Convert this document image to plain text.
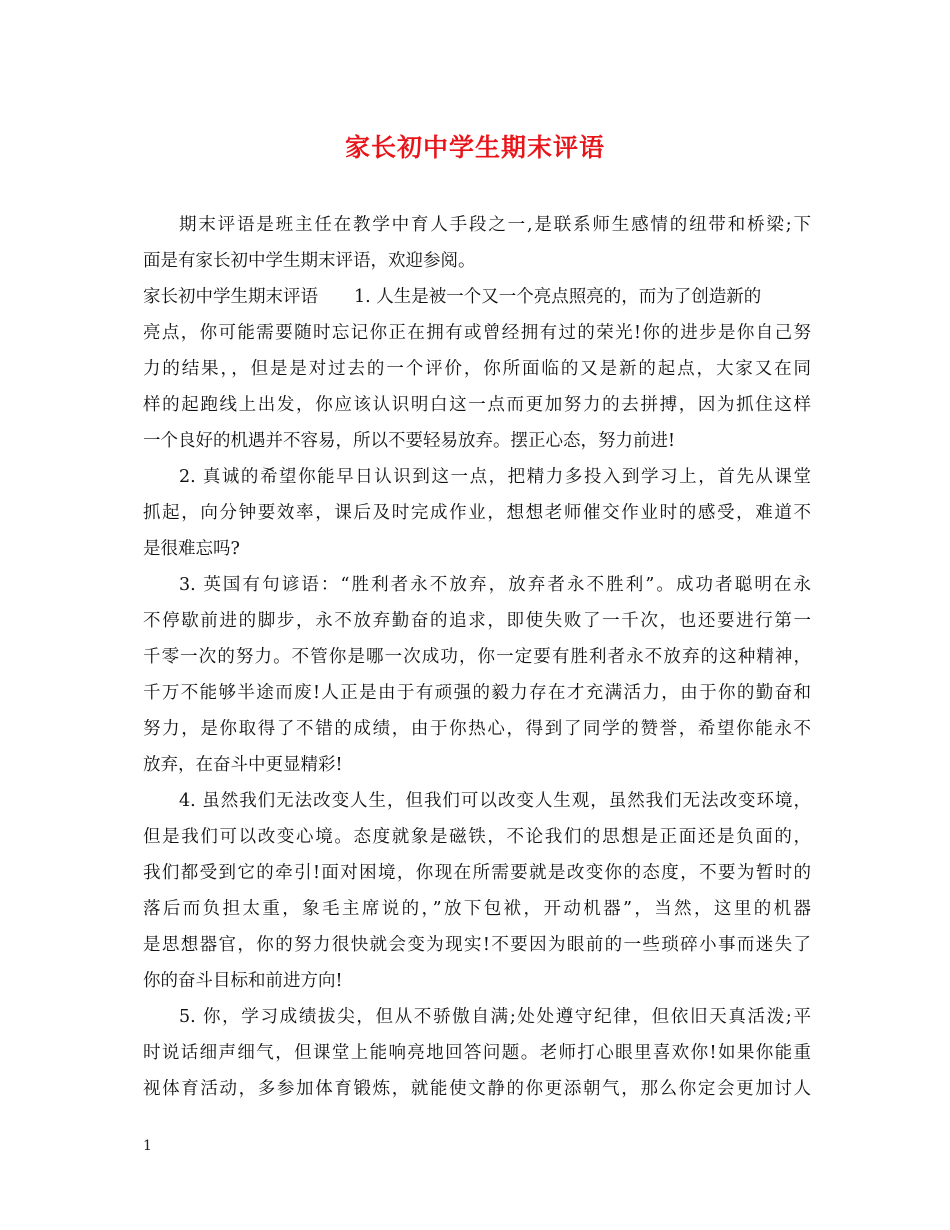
家长初中学生期末评语
期末评语是班主任在教学中育人手段之一,是联系师生感情的纽带和桥梁;下
面是有家长初中学生期末评语，欢迎参阅。
家长初中学生期末评语 1. 人生是被一个又一个亮点照亮的，而为了创造新的
亮点，你可能需要随时忘记你正在拥有或曾经拥有过的荣光!你的进步是你自己努
力的结果，，但是是对过去的一个评价，你所面临的又是新的起点，大家又在同
样的起跑线上出发，你应该认识明白这一点而更加努力的去拼搏，因为抓住这样
一个良好的机遇并不容易，所以不要轻易放弃。摆正心态，努力前进!
2. 真诚的希望你能早日认识到这一点，把精力多投入到学习上，首先从课堂
抓起，向分钟要效率，课后及时完成作业，想想老师催交作业时的感受，难道不
是很难忘吗?
3. 英国有句谚语：“胜利者永不放弃，放弃者永不胜利”。成功者聪明在永
不停歇前进的脚步，永不放弃勤奋的追求，即使失败了一千次，也还要进行第一
千零一次的努力。不管你是哪一次成功，你一定要有胜利者永不放弃的这种精神，
千万不能够半途而废!人正是由于有顽强的毅力存在才充满活力，由于你的勤奋和
努力，是你取得了不错的成绩，由于你热心，得到了同学的赞誉，希望你能永不
放弃，在奋斗中更显精彩!
4. 虽然我们无法改变人生，但我们可以改变人生观，虽然我们无法改变环境，
但是我们可以改变心境。态度就象是磁铁，不论我们的思想是正面还是负面的，
我们都受到它的牵引!面对困境，你现在所需要就是改变你的态度，不要为暂时的
落后而负担太重，象毛主席说的，”放下包袱，开动机器”，当然，这里的机器
是思想器官，你的努力很快就会变为现实!不要因为眼前的一些琐碎小事而迷失了
你的奋斗目标和前进方向!
5. 你，学习成绩拔尖，但从不骄傲自满;处处遵守纪律，但依旧天真活泼;平
时说话细声细气，但课堂上能响亮地回答问题。老师打心眼里喜欢你!如果你能重
视体育活动，多参加体育锻炼，就能使文静的你更添朝气，那么你定会更加讨人
1
